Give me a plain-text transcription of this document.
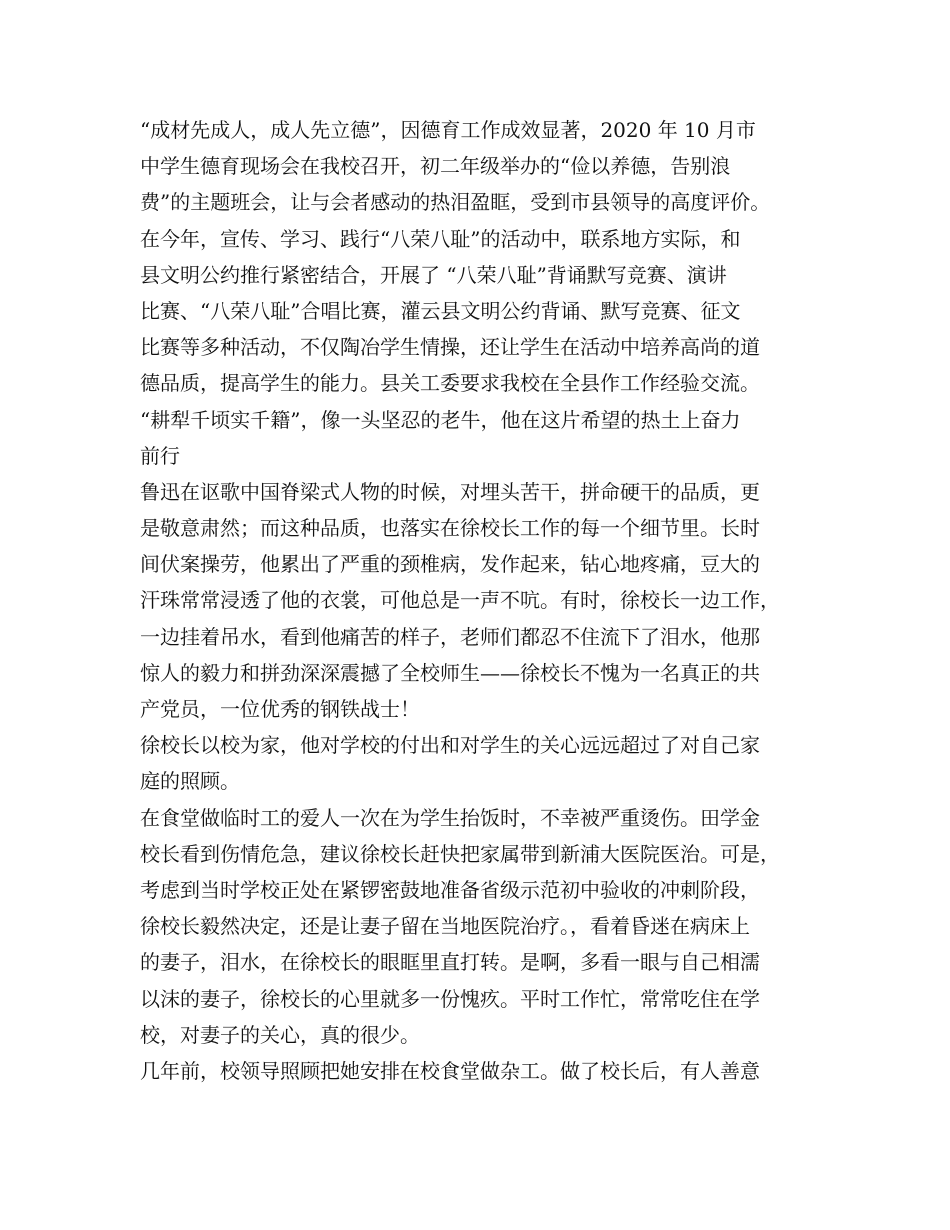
“成材先成人，成人先立德”，因德育工作成效显著，2020 年 10 月市
中学生德育现场会在我校召开，初二年级举办的“俭以养德，告别浪
费”的主题班会，让与会者感动的热泪盈眶，受到市县领导的高度评价。
在今年，宣传、学习、践行“八荣八耻”的活动中，联系地方实际，和
县文明公约推行紧密结合，开展了 “八荣八耻”背诵默写竞赛、演讲
比赛、“八荣八耻”合唱比赛，灌云县文明公约背诵、默写竞赛、征文
比赛等多种活动，不仅陶冶学生情操，还让学生在活动中培养高尚的道
德品质，提高学生的能力。县关工委要求我校在全县作工作经验交流。
“耕犁千顷实千籍”，像一头坚忍的老牛，他在这片希望的热土上奋力
前行
鲁迅在讴歌中国脊梁式人物的时候，对埋头苦干，拼命硬干的品质，更
是敬意肃然；而这种品质，也落实在徐校长工作的每一个细节里。长时
间伏案操劳，他累出了严重的颈椎病，发作起来，钻心地疼痛，豆大的
汗珠常常浸透了他的衣裳，可他总是一声不吭。有时，徐校长一边工作，
一边挂着吊水，看到他痛苦的样子，老师们都忍不住流下了泪水，他那
惊人的毅力和拼劲深深震撼了全校师生——徐校长不愧为一名真正的共
产党员，一位优秀的钢铁战士！
徐校长以校为家，他对学校的付出和对学生的关心远远超过了对自己家
庭的照顾。
在食堂做临时工的爱人一次在为学生抬饭时，不幸被严重烫伤。田学金
校长看到伤情危急，建议徐校长赶快把家属带到新浦大医院医治。可是，
考虑到当时学校正处在紧锣密鼓地准备省级示范初中验收的冲刺阶段，
徐校长毅然决定，还是让妻子留在当地医院治疗。，看着昏迷在病床上
的妻子，泪水，在徐校长的眼眶里直打转。是啊，多看一眼与自己相濡
以沫的妻子，徐校长的心里就多一份愧疚。平时工作忙，常常吃住在学
校，对妻子的关心，真的很少。
几年前，校领导照顾把她安排在校食堂做杂工。做了校长后，有人善意
